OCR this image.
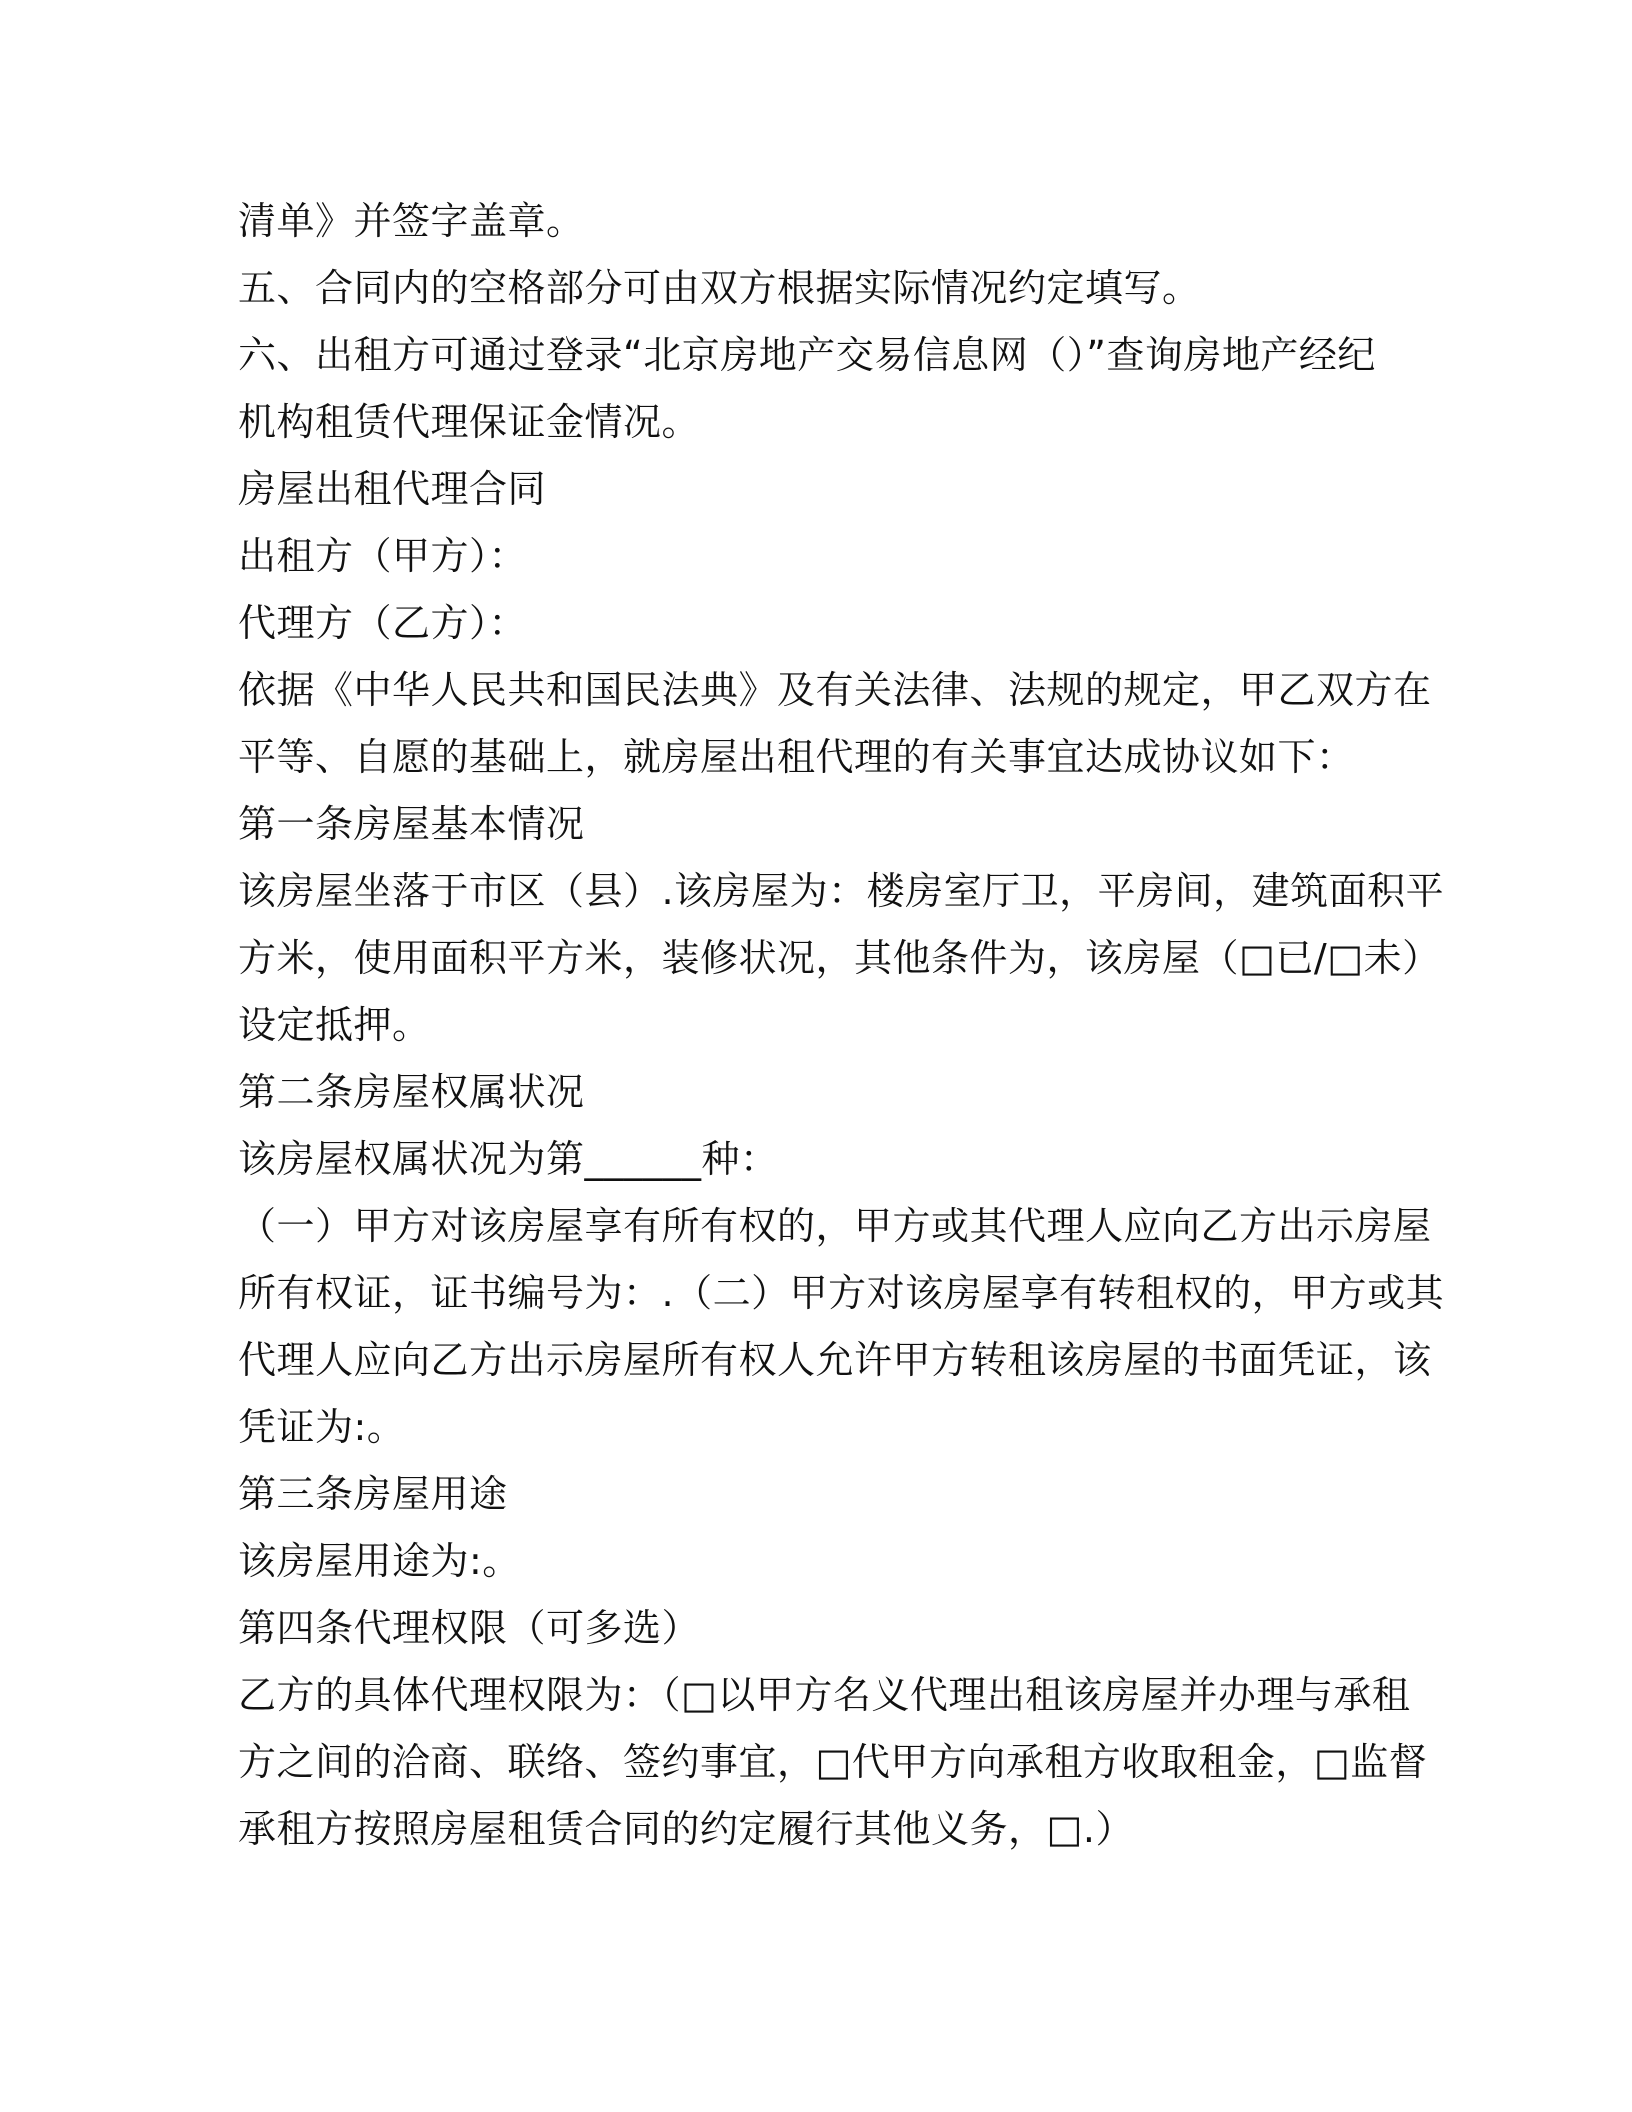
清单》并签字盖章。
五、合同内的空格部分可由双方根据实际情况约定填写。
六、出租方可通过登录“北京房地产交易信息网（）”查询房地产经纪
机构租赁代理保证金情况。
房屋出租代理合同
出租方（甲方）：
代理方（乙方）：
依据《中华人民共和国民法典》及有关法律、法规的规定，甲乙双方在
平等、自愿的基础上，就房屋出租代理的有关事宜达成协议如下：
第一条房屋基本情况
该房屋坐落于市区（县）.该房屋为：楼房室厅卫，平房间，建筑面积平
方米，使用面积平方米，装修状况，其他条件为，该房屋（□已/□未）
设定抵押。
第二条房屋权属状况
该房屋权属状况为第______种：
（一）甲方对该房屋享有所有权的，甲方或其代理人应向乙方出示房屋
所有权证，证书编号为：.（二）甲方对该房屋享有转租权的，甲方或其
代理人应向乙方出示房屋所有权人允许甲方转租该房屋的书面凭证，该
凭证为:。
第三条房屋用途
该房屋用途为:。
第四条代理权限（可多选）
乙方的具体代理权限为：（□以甲方名义代理出租该房屋并办理与承租
方之间的洽商、联络、签约事宜，□代甲方向承租方收取租金，□监督
承租方按照房屋租赁合同的约定履行其他义务，□.）
